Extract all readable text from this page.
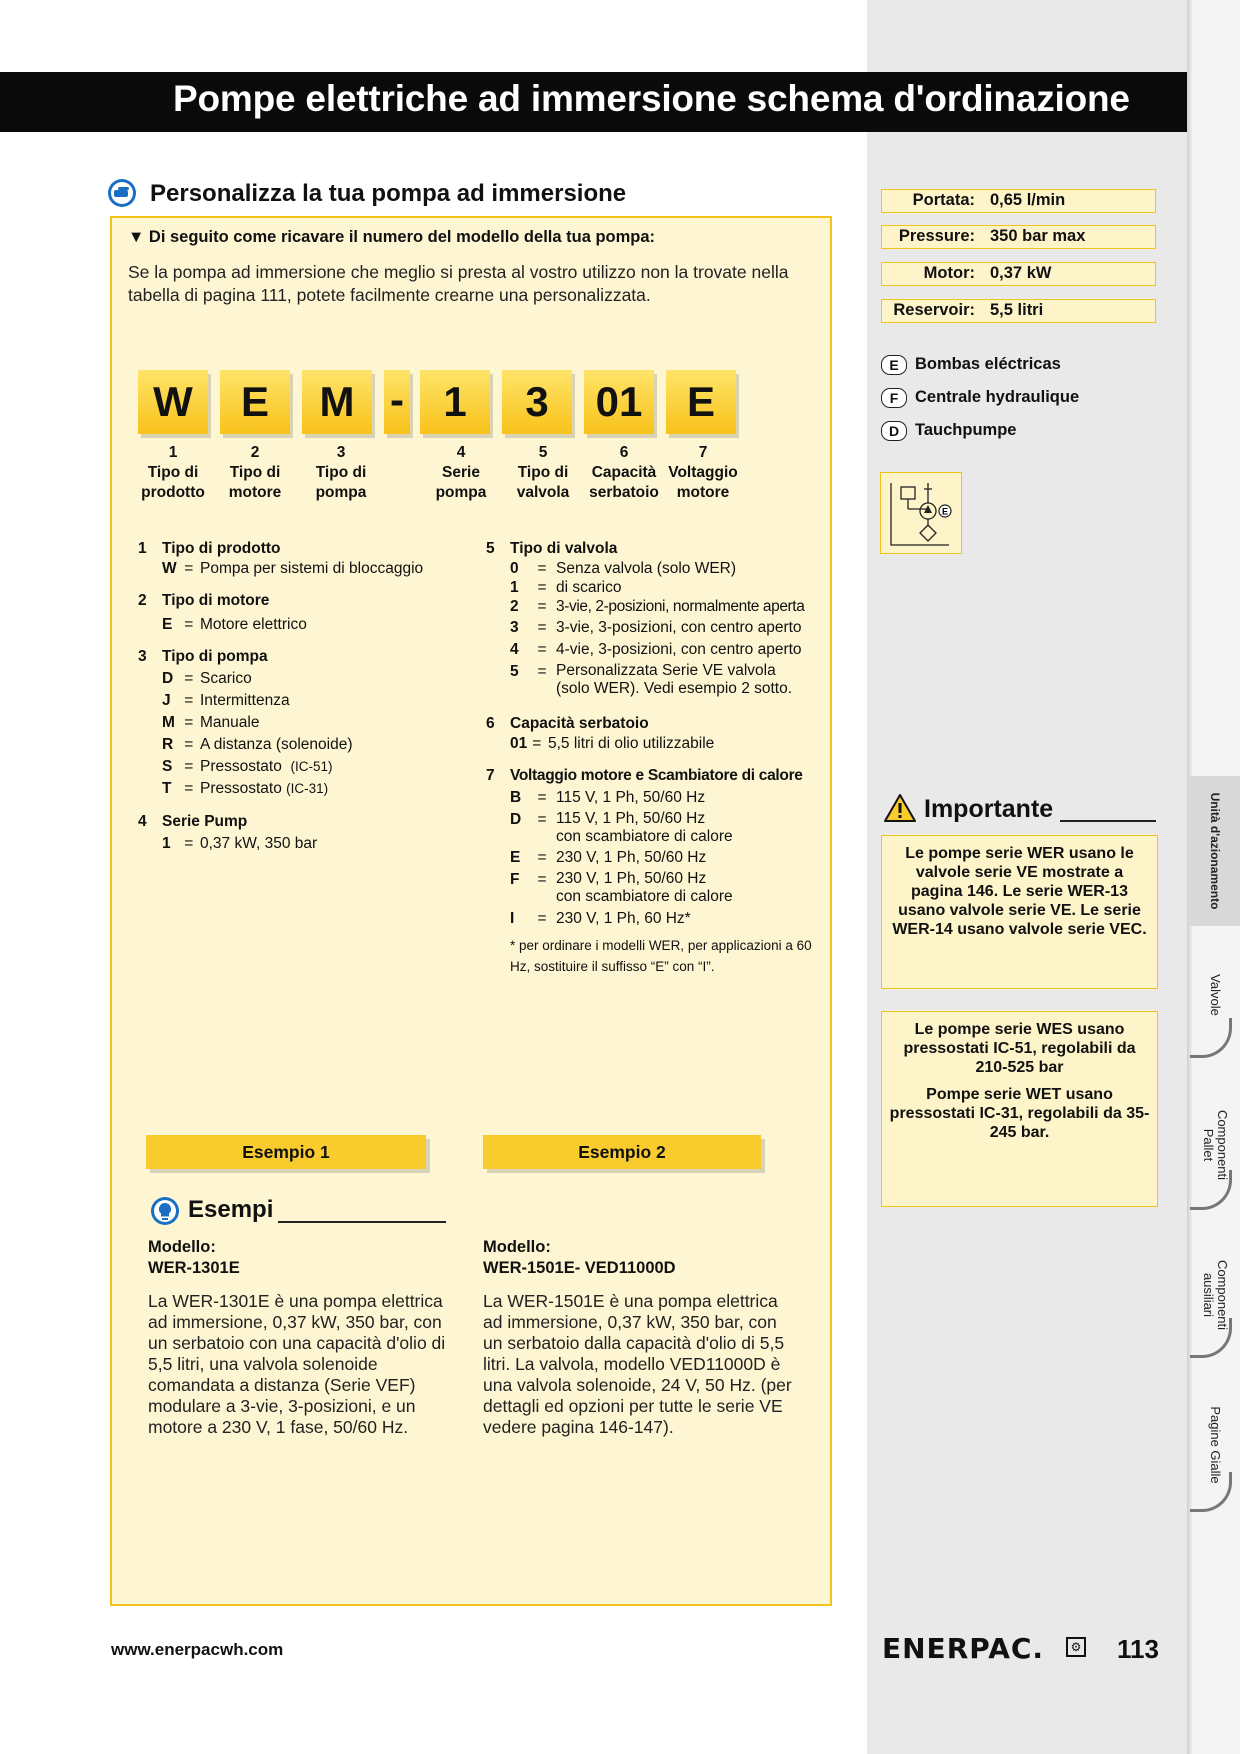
Pompe elettriche ad immersione schema d'ordinazione
Personalizza la tua pompa ad immersione
▼ Di seguito come ricavare il numero del modello della tua pompa:
Se la pompa ad immersione che meglio si presta al vostro utilizzo non la trovate nella tabella di pagina 111, potete facilmente crearne una personalizzata.
W	E	M - 1	3	01	E
1
Tipo di
prodotto
2
Tipo di
motore
3
Tipo di
pompa
4
Serie
pompa
5
Tipo di
valvola
6
Capacità
serbatoio
7
Voltaggio
motore
1 Tipo di prodotto
W = Pompa per sistemi di bloccaggio
2 Tipo di motore
E = Motore elettrico
3 Tipo di pompa
D = Scarico
J = Intermittenza
M = Manuale
R = A distanza (solenoide)
S = Pressostato (IC-51)
T = Pressostato (IC-31)
4 Serie Pump
1 = 0,37 kW, 350 bar
5 Tipo di valvola
0	= Senza valvola (solo WER)
1	= di scarico
2	= 3-vie, 2-posizioni, normalmente aperta
3	= 3-vie, 3-posizioni, con centro aperto
4	= 4-vie, 3-posizioni, con centro aperto
5	= Personalizzata Serie VE valvola
(solo WER). Vedi esempio 2 sotto.
6 Capacità serbatoio
01 = 5,5 litri di olio utilizzabile
7 Voltaggio motore e Scambiatore di calore
B	= 115 V, 1 Ph, 50/60 Hz
D	= 115 V, 1 Ph, 50/60 Hz
con scambiatore di calore
E	= 230 V, 1 Ph, 50/60 Hz
F	= 230 V, 1 Ph, 50/60 Hz
con scambiatore di calore
I	= 230 V, 1 Ph, 60 Hz*
* per ordinare i modelli WER, per applicazioni a 60 Hz, sostituire il suffisso “E” con “I”.
Esempio 1	Esempio 2
Esempi
Modello:
WER-1301E
La WER-1301E è una pompa elettrica ad immersione, 0,37 kW, 350 bar, con un serbatoio con una capacità d'olio di 5,5 litri, una valvola solenoide comandata a distanza (Serie VEF) modulare a 3-vie, 3-posizioni, e un motore a 230 V, 1 fase, 50/60 Hz.
Modello:
WER-1501E- VED11000D
La WER-1501E è una pompa elettrica ad immersione, 0,37 kW, 350 bar, con un serbatoio dalla capacità d'olio di 5,5 litri. La valvola, modello VED11000D è una valvola solenoide, 24 V, 50 Hz. (per dettagli ed opzioni per tutte le serie VE vedere pagina 146-147).
Portata: 0,65 l/min
Pressure: 350 bar max
Motor: 0,37 kW
Reservoir: 5,5 litri
E Bombas eléctricas
F Centrale hydraulique
D Tauchpumpe
E
Importante

Le pompe serie WER usano le valvole serie VE mostrate a pagina 146. Le serie WER-13 usano valvole serie VE. Le serie WER-14 usano valvole serie VEC.

Le pompe serie WES usano pressostati IC-51, regolabili da 210-525 bar

Pompe serie WET usano pressostati IC-31, regolabili da 35-245 bar.

Unità d'azionamento
Valvole
Componenti Pallet
Componenti ausiliari
Pagine Gialle
www.enerpacwh.com	ENERPAC.	⚙ 113
